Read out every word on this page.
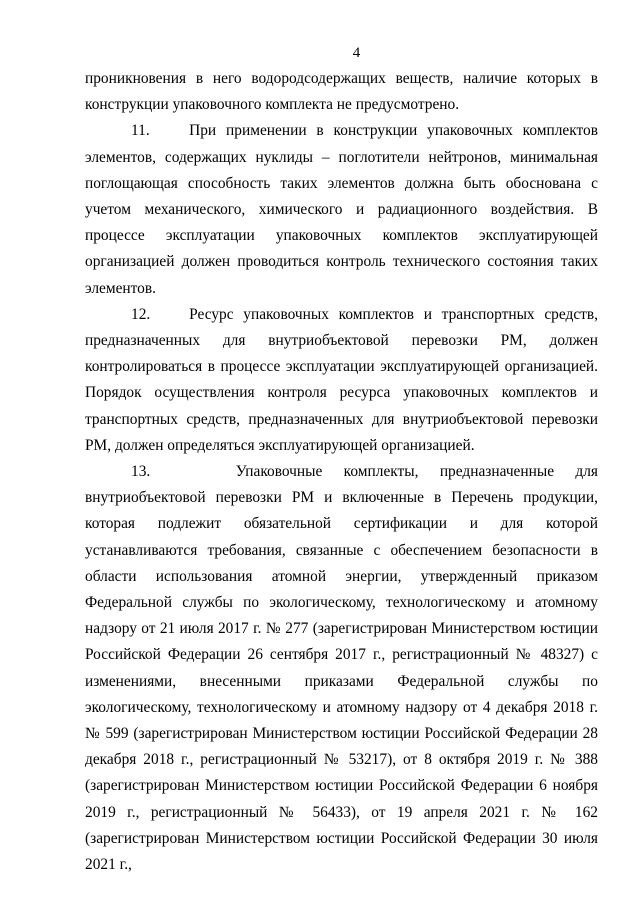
4

проникновения в него водородсодержащих веществ, наличие которых в конструкции упаковочного комплекта не предусмотрено.

11.    При применении в конструкции упаковочных комплектов элементов, содержащих нуклиды – поглотители нейтронов, минимальная поглощающая способность таких элементов должна быть обоснована с учетом механического, химического и радиационного воздействия. В процессе эксплуатации упаковочных комплектов эксплуатирующей организацией должен проводиться контроль технического состояния таких элементов.

12.    Ресурс упаковочных комплектов и транспортных средств, предназначенных для внутриобъектовой перевозки РМ, должен контролироваться в процессе эксплуатации эксплуатирующей организацией. Порядок осуществления контроля ресурса упаковочных комплектов и транспортных средств, предназначенных для внутриобъектовой перевозки РМ, должен определяться эксплуатирующей организацией.

13.    Упаковочные комплекты, предназначенные для внутриобъектовой перевозки РМ и включенные в Перечень продукции, которая подлежит обязательной сертификации и для которой устанавливаются требования, связанные с обеспечением безопасности в области использования атомной энергии, утвержденный приказом Федеральной службы по экологическому, технологическому и атомному надзору от 21 июля 2017 г. № 277 (зарегистрирован Министерством юстиции Российской Федерации 26 сентября 2017 г., регистрационный № 48327) с изменениями, внесенными приказами Федеральной службы по экологическому, технологическому и атомному надзору от 4 декабря 2018 г. № 599 (зарегистрирован Министерством юстиции Российской Федерации 28 декабря 2018 г., регистрационный № 53217), от 8 октября 2019 г. № 388 (зарегистрирован Министерством юстиции Российской Федерации 6 ноября 2019 г., регистрационный № 56433), от 19 апреля 2021 г. № 162 (зарегистрирован Министерством юстиции Российской Федерации 30 июля 2021 г.,
